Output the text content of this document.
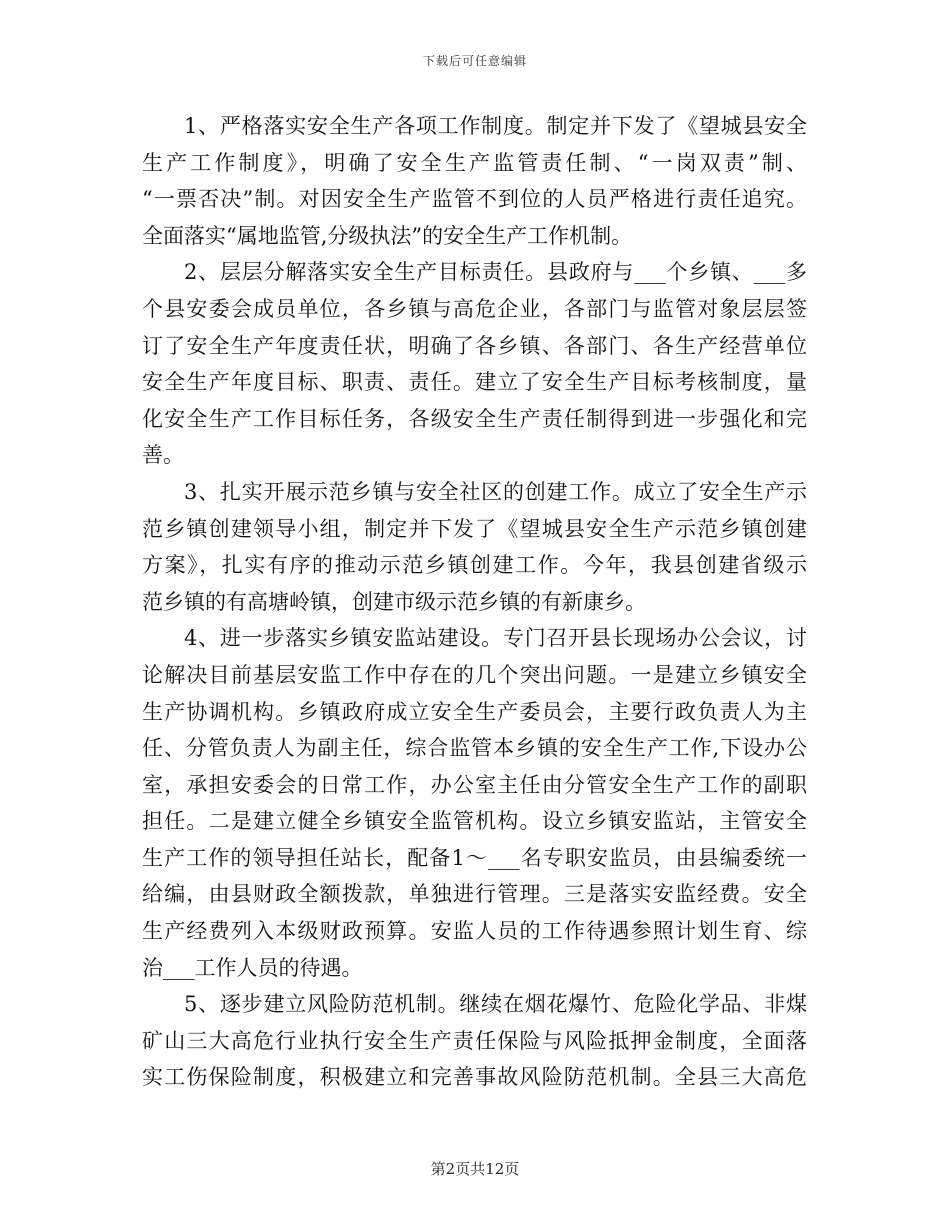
下载后可任意编辑
1、严格落实安全生产各项工作制度。制定并下发了《望城县安全
生产工作制度》，明确了安全生产监管责任制、“一岗双责”制、
“一票否决”制。对因安全生产监管不到位的人员严格进行责任追究。
全面落实“属地监管,分级执法”的安全生产工作机制。
2、层层分解落实安全生产目标责任。县政府与___个乡镇、___多
个县安委会成员单位，各乡镇与高危企业，各部门与监管对象层层签
订了安全生产年度责任状，明确了各乡镇、各部门、各生产经营单位
安全生产年度目标、职责、责任。建立了安全生产目标考核制度，量
化安全生产工作目标任务，各级安全生产责任制得到进一步强化和完
善。
3、扎实开展示范乡镇与安全社区的创建工作。成立了安全生产示
范乡镇创建领导小组，制定并下发了《望城县安全生产示范乡镇创建
方案》，扎实有序的推动示范乡镇创建工作。今年，我县创建省级示
范乡镇的有高塘岭镇，创建市级示范乡镇的有新康乡。
4、进一步落实乡镇安监站建设。专门召开县长现场办公会议，讨
论解决目前基层安监工作中存在的几个突出问题。一是建立乡镇安全
生产协调机构。乡镇政府成立安全生产委员会，主要行政负责人为主
任、分管负责人为副主任，综合监管本乡镇的安全生产工作,下设办公
室，承担安委会的日常工作，办公室主任由分管安全生产工作的副职
担任。二是建立健全乡镇安全监管机构。设立乡镇安监站，主管安全
生产工作的领导担任站长，配备1～___名专职安监员，由县编委统一
给编，由县财政全额拨款，单独进行管理。三是落实安监经费。安全
生产经费列入本级财政预算。安监人员的工作待遇参照计划生育、综
治___工作人员的待遇。
5、逐步建立风险防范机制。继续在烟花爆竹、危险化学品、非煤
矿山三大高危行业执行安全生产责任保险与风险抵押金制度，全面落
实工伤保险制度，积极建立和完善事故风险防范机制。全县三大高危
第2页共12页
